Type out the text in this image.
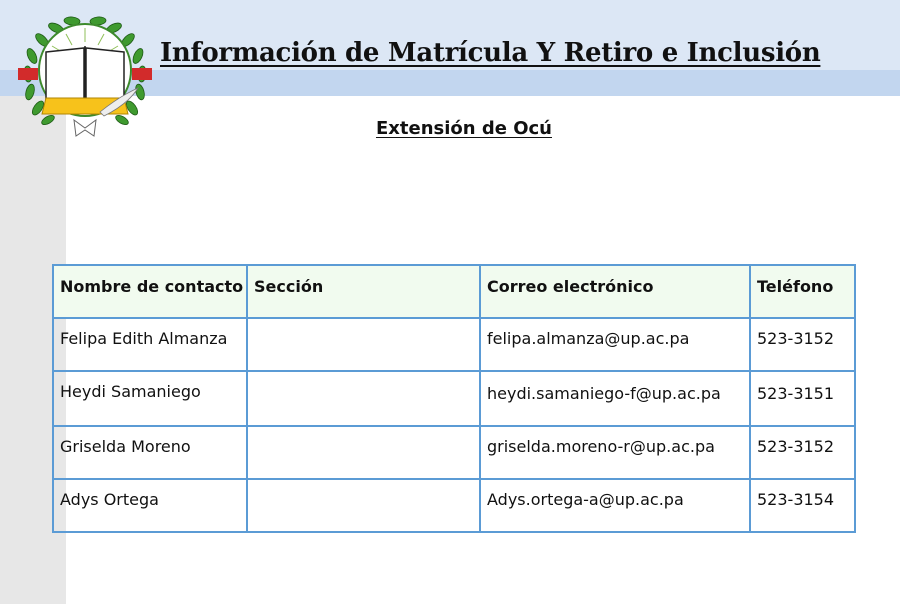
Información de Matrícula Y Retiro e Inclusión
Extensión de Ocú
Nombre de contacto	Sección	Correo electrónico	Teléfono
Felipa Edith Almanza		felipa.almanza@up.ac.pa	523-3152
Heydi Samaniego		heydi.samaniego-f@up.ac.pa	523-3151
Griselda Moreno		griselda.moreno-r@up.ac.pa	523-3152
Adys Ortega		Adys.ortega-a@up.ac.pa	523-3154
